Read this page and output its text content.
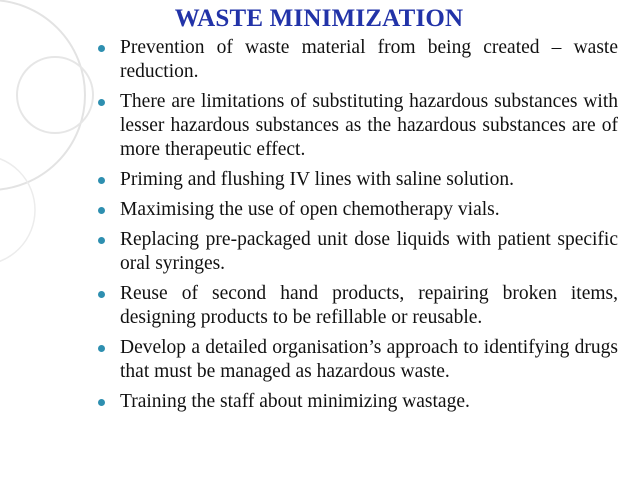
WASTE MINIMIZATION
Prevention of waste material from being created – waste reduction.
There are limitations of substituting hazardous substances with lesser hazardous substances as the hazardous substances are of more therapeutic effect.
Priming and flushing IV lines with saline solution.
Maximising the use of open chemotherapy vials.
Replacing pre-packaged unit dose liquids with patient specific oral syringes.
Reuse of second hand products, repairing broken items, designing products to be refillable or reusable.
Develop a detailed organisation’s approach to identifying drugs that must be managed as hazardous waste.
Training the staff about minimizing wastage.
